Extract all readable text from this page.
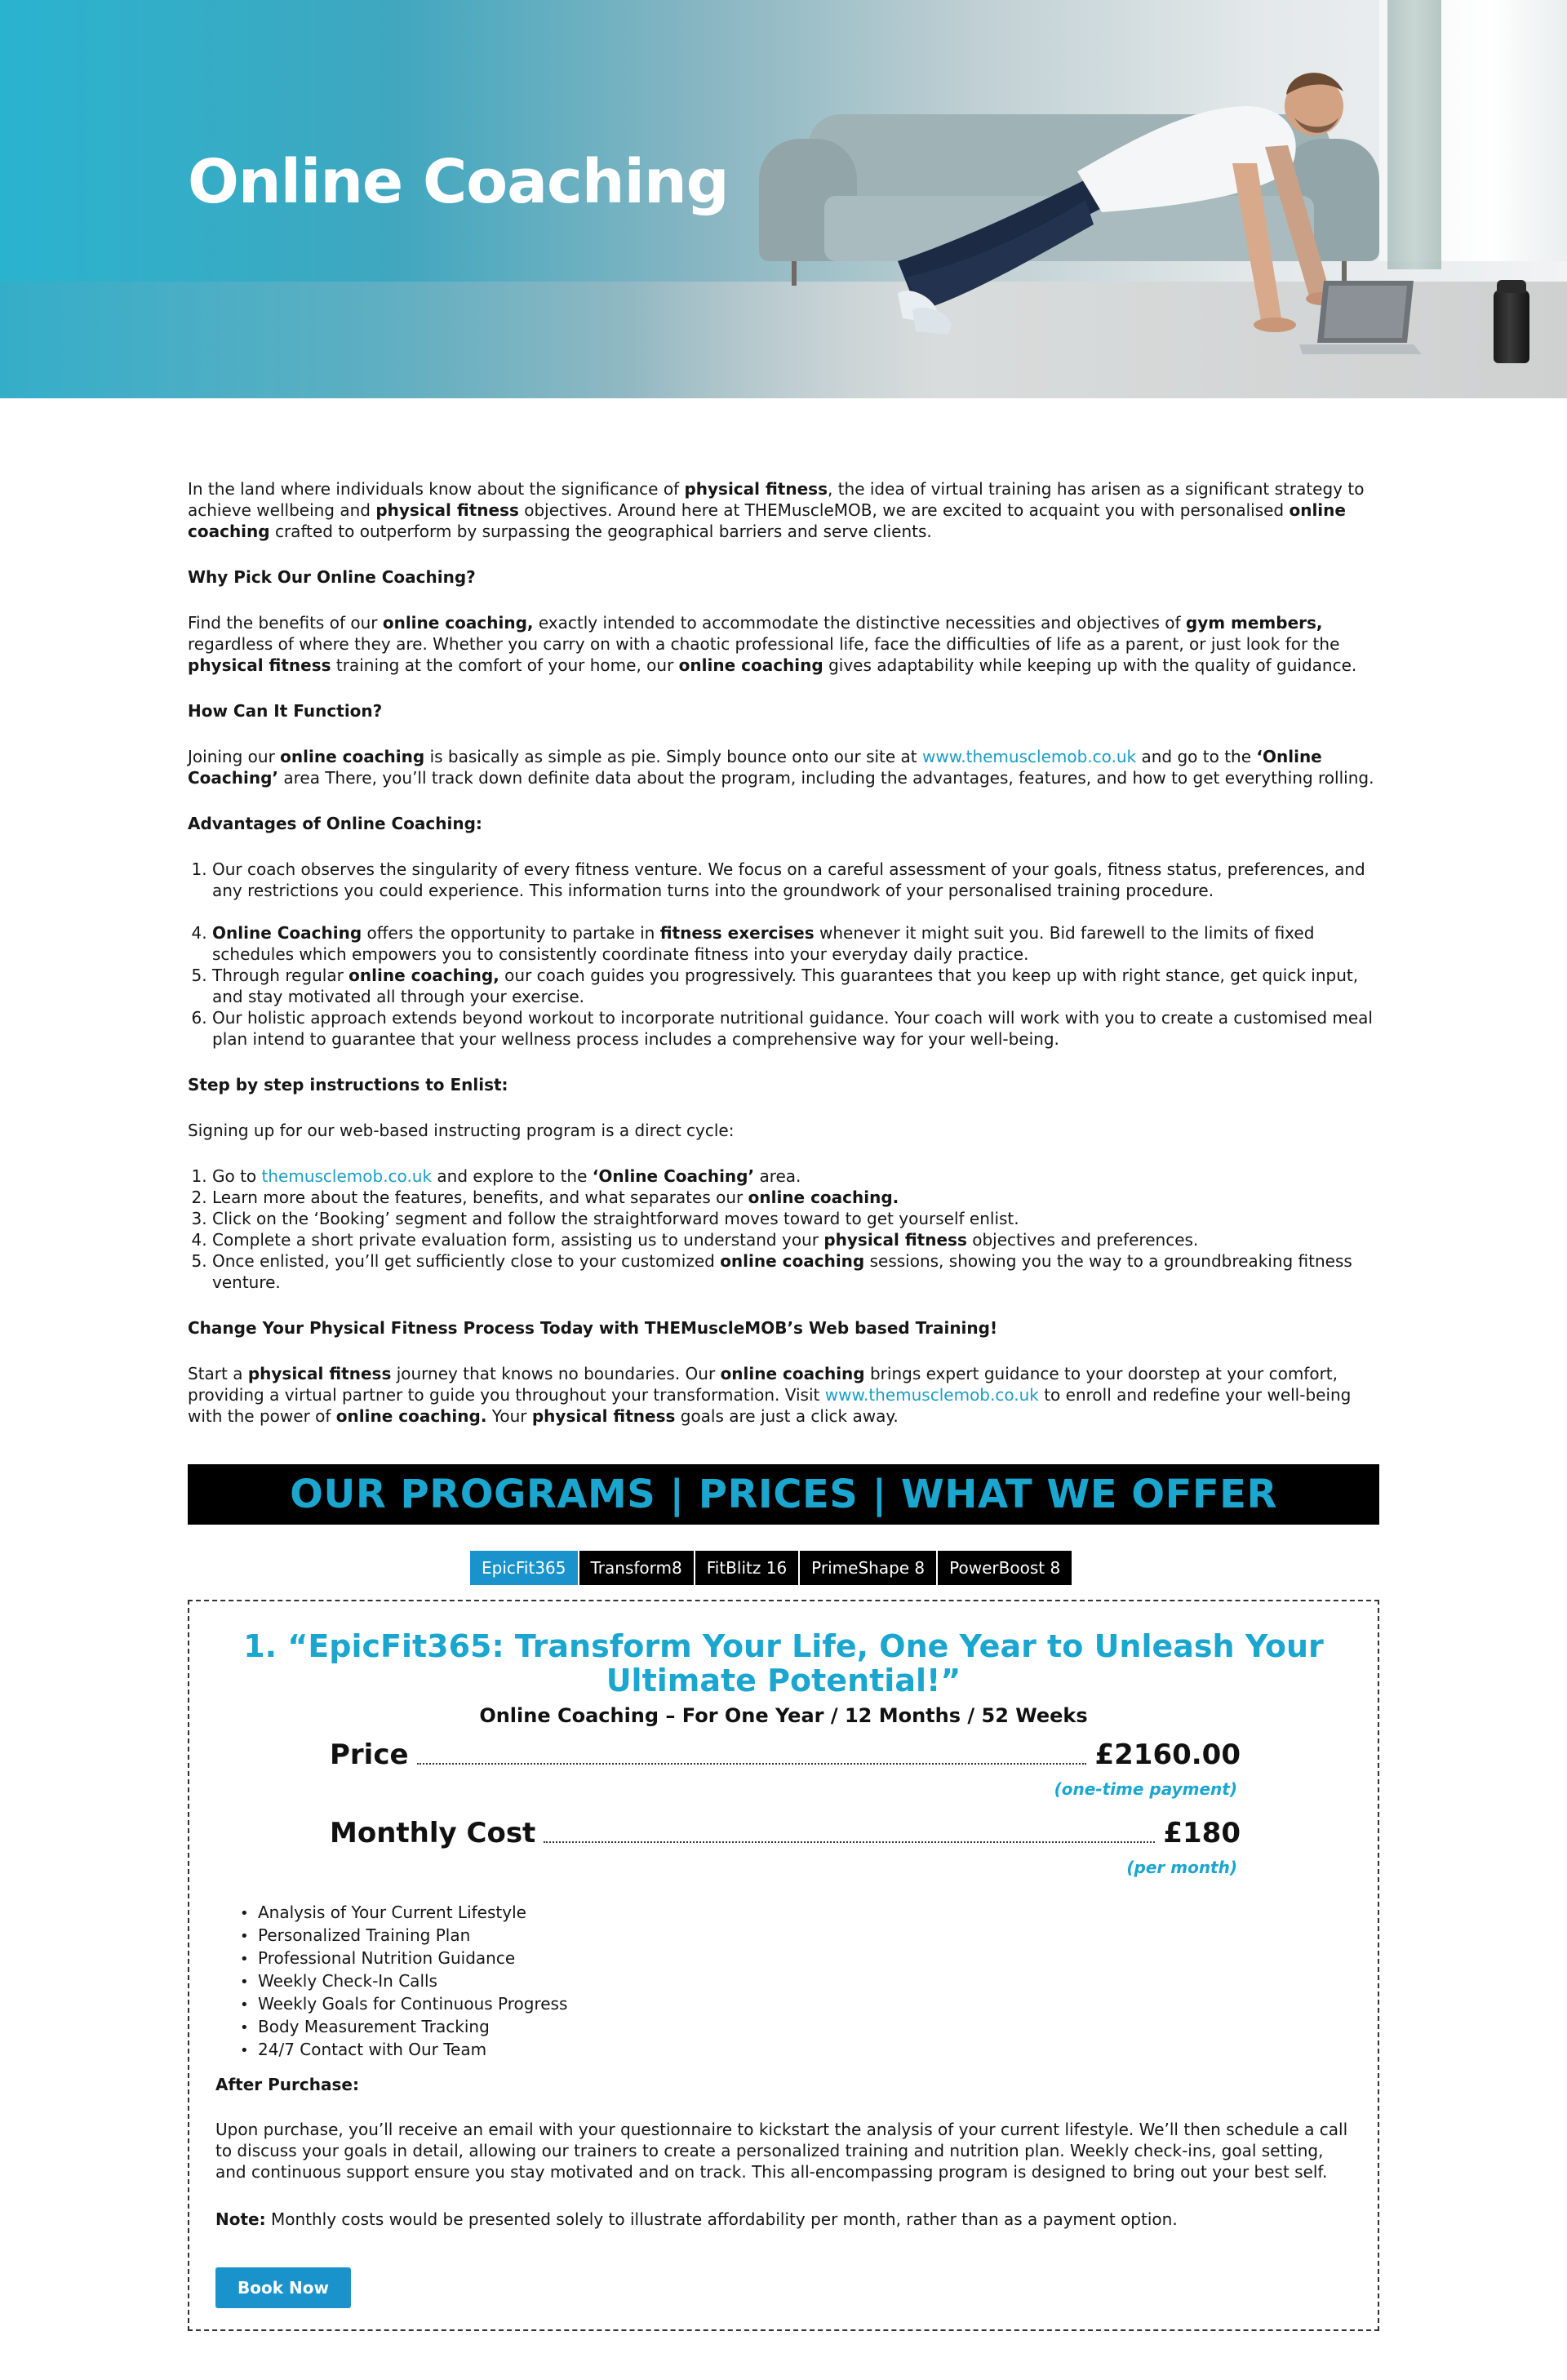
Online Coaching

In the land where individuals know about the significance of physical fitness, the idea of virtual training has arisen as a significant strategy to achieve wellbeing and physical fitness objectives. Around here at THEMuscleMOB, we are excited to acquaint you with personalised online coaching crafted to outperform by surpassing the geographical barriers and serve clients.

Why Pick Our Online Coaching?

Find the benefits of our online coaching, exactly intended to accommodate the distinctive necessities and objectives of gym members, regardless of where they are. Whether you carry on with a chaotic professional life, face the difficulties of life as a parent, or just look for the physical fitness training at the comfort of your home, our online coaching gives adaptability while keeping up with the quality of guidance.

How Can It Function?

Joining our online coaching is basically as simple as pie. Simply bounce onto our site at www.themusclemob.co.uk and go to the ‘Online Coaching’ area There, you’ll track down definite data about the program, including the advantages, features, and how to get everything rolling.

Advantages of Online Coaching:

1. Our coach observes the singularity of every fitness venture. We focus on a careful assessment of your goals, fitness status, preferences, and any restrictions you could experience. This information turns into the groundwork of your personalised training procedure.
4. Online Coaching offers the opportunity to partake in fitness exercises whenever it might suit you. Bid farewell to the limits of fixed schedules which empowers you to consistently coordinate fitness into your everyday daily practice.
5. Through regular online coaching, our coach guides you progressively. This guarantees that you keep up with right stance, get quick input, and stay motivated all through your exercise.
6. Our holistic approach extends beyond workout to incorporate nutritional guidance. Your coach will work with you to create a customised meal plan intend to guarantee that your wellness process includes a comprehensive way for your well-being.

Step by step instructions to Enlist:

Signing up for our web-based instructing program is a direct cycle:

1. Go to themusclemob.co.uk and explore to the ‘Online Coaching’ area.
2. Learn more about the features, benefits, and what separates our online coaching.
3. Click on the ‘Booking’ segment and follow the straightforward moves toward to get yourself enlist.
4. Complete a short private evaluation form, assisting us to understand your physical fitness objectives and preferences.
5. Once enlisted, you’ll get sufficiently close to your customized online coaching sessions, showing you the way to a groundbreaking fitness venture.

Change Your Physical Fitness Process Today with THEMuscleMOB’s Web based Training!

Start a physical fitness journey that knows no boundaries. Our online coaching brings expert guidance to your doorstep at your comfort, providing a virtual partner to guide you throughout your transformation. Visit www.themusclemob.co.uk to enroll and redefine your well-being with the power of online coaching. Your physical fitness goals are just a click away.

OUR PROGRAMS | PRICES | WHAT WE OFFER
EpicFit365	Transform8	FitBlitz 16	PrimeShape 8	PowerBoost 8
1. “EpicFit365: Transform Your Life, One Year to Unleash Your Ultimate Potential!”
Online Coaching – For One Year / 12 Months / 52 Weeks
Price	£2160.00
(one-time payment)
Monthly Cost	£180
(per month)
• Analysis of Your Current Lifestyle
• Personalized Training Plan
• Professional Nutrition Guidance
• Weekly Check-In Calls
• Weekly Goals for Continuous Progress
• Body Measurement Tracking
• 24/7 Contact with Our Team
After Purchase:

Upon purchase, you’ll receive an email with your questionnaire to kickstart the analysis of your current lifestyle. We’ll then schedule a call to discuss your goals in detail, allowing our trainers to create a personalized training and nutrition plan. Weekly check-ins, goal setting, and continuous support ensure you stay motivated and on track. This all-encompassing program is designed to bring out your best self.

Note: Monthly costs would be presented solely to illustrate affordability per month, rather than as a payment option.

Book Now
